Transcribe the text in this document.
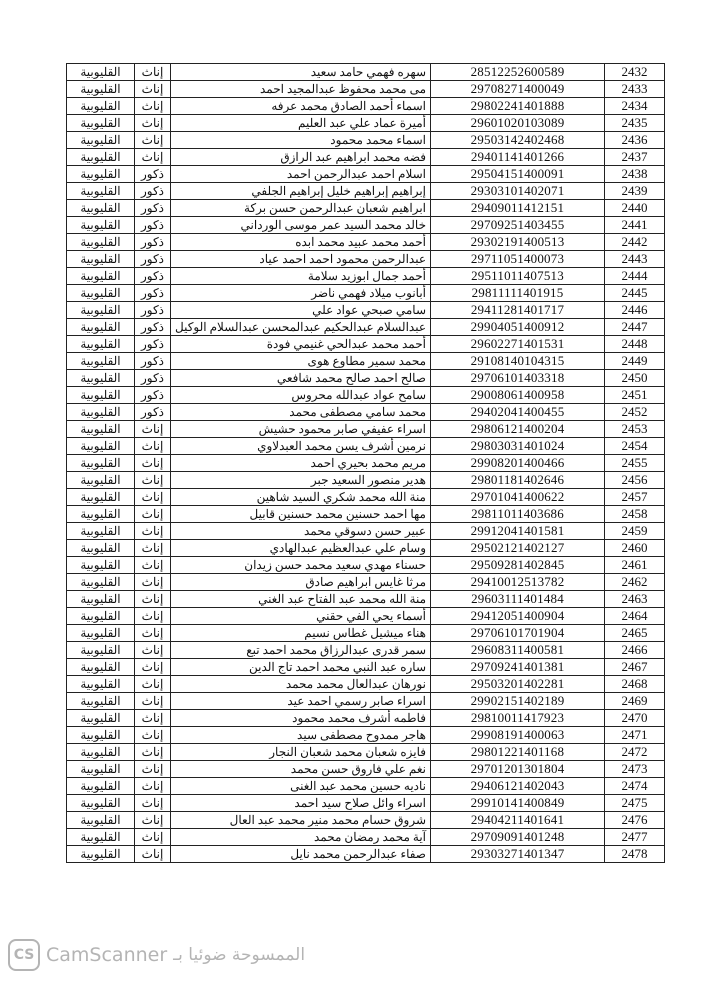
القليوبية	إناث	سهره فهمي حامد سعيد	28512252600589	2432
القليوبية	إناث	مى محمد محفوظ عبدالمجيد احمد	29708271400049	2433
القليوبية	إناث	اسماء أحمد الصادق محمد عرفه	29802241401888	2434
القليوبية	إناث	أميرة عماد علي عبد العليم	29601020103089	2435
القليوبية	إناث	اسماء محمد محمود	29503142402468	2436
القليوبية	إناث	فضه محمد ابراهيم عبد الرازق	29401141401266	2437
القليوبية	ذكور	اسلام احمد عبدالرحمن احمد	29504151400091	2438
القليوبية	ذكور	إبراهيم إبراهيم خليل إبراهيم الجلفي	29303101402071	2439
القليوبية	ذكور	ابراهيم شعبان عبدالرحمن حسن بركة	29409011412151	2440
القليوبية	ذكور	خالد محمد السيد عمر موسى الورداني	29709251403455	2441
القليوبية	ذكور	أحمد محمد عبيد محمد ابده	29302191400513	2442
القليوبية	ذكور	عبدالرحمن محمود احمد احمد عياد	29711051400073	2443
القليوبية	ذكور	أحمد جمال ابوزيد سلامة	29511011407513	2444
القليوبية	ذكور	أبانوب ميلاد فهمي ناضر	29811111401915	2445
القليوبية	ذكور	سامي صبحي عواد علي	29411281401717	2446
القليوبية	ذكور	عبدالسلام عبدالحكيم عبدالمحسن عبدالسلام الوكيل	29904051400912	2447
القليوبية	ذكور	أحمد محمد عبدالحي غنيمي فودة	29602271401531	2448
القليوبية	ذكور	محمد سمير مطاوع هوى	29108140104315	2449
القليوبية	ذكور	صالح احمد صالح محمد شافعي	29706101403318	2450
القليوبية	ذكور	سامح عواد عبدالله محروس	29008061400958	2451
القليوبية	ذكور	محمد سامي مصطفى محمد	29402041400455	2452
القليوبية	إناث	اسراء عفيفي صابر محمود حشيش	29806121400204	2453
القليوبية	إناث	نرمين أشرف يسن محمد العبدلاوي	29803031401024	2454
القليوبية	إناث	مريم محمد بحيري احمد	29908201400466	2455
القليوبية	إناث	هدير منصور السعيد جبر	29801181402646	2456
القليوبية	إناث	منة الله محمد شكري السيد شاهين	29701041400622	2457
القليوبية	إناث	مها احمد حسنين محمد حسنين قابيل	29811011403686	2458
القليوبية	إناث	عبير حسن دسوقي محمد	29912041401581	2459
القليوبية	إناث	وسام علي عبدالعظيم عبدالهادي	29502121402127	2460
القليوبية	إناث	حسناء مهدي سعيد محمد حسن زيدان	29509281402845	2461
القليوبية	إناث	مرثا غايس ابراهيم صادق	29410012513782	2462
القليوبية	إناث	منة الله محمد عبد الفتاح عبد الغني	29603111401484	2463
القليوبية	إناث	أسماء يحي الفي حقني	29412051400904	2464
القليوبية	إناث	هناء ميشيل غطاس نسيم	29706101701904	2465
القليوبية	إناث	سمر قدرى عبدالرزاق محمد احمد تبع	29608311400581	2466
القليوبية	إناث	ساره عبد النبي محمد احمد تاج الدين	29709241401381	2467
القليوبية	إناث	نورهان عبدالعال محمد محمد	29503201402281	2468
القليوبية	إناث	اسراء صابر رسمي احمد عيد	29902151402189	2469
القليوبية	إناث	فاطمه أشرف محمد محمود	29810011417923	2470
القليوبية	إناث	هاجر ممدوح مصطفى سيد	29908191400063	2471
القليوبية	إناث	فايزه شعبان محمد شعبان النجار	29801221401168	2472
القليوبية	إناث	نغم علي فاروق حسن محمد	29701201301804	2473
القليوبية	إناث	ناديه حسين محمد عبد الغنى	29406121402043	2474
القليوبية	إناث	اسراء وائل صلاح سيد احمد	29910141400849	2475
القليوبية	إناث	شروق حسام محمد منير محمد عبد العال	29404211401641	2476
القليوبية	إناث	آية محمد رمضان محمد	29709091401248	2477
القليوبية	إناث	صفاء عبدالرحمن محمد نايل	29303271401347	2478
CS CamScanner الممسوحة ضوئيا بـ
